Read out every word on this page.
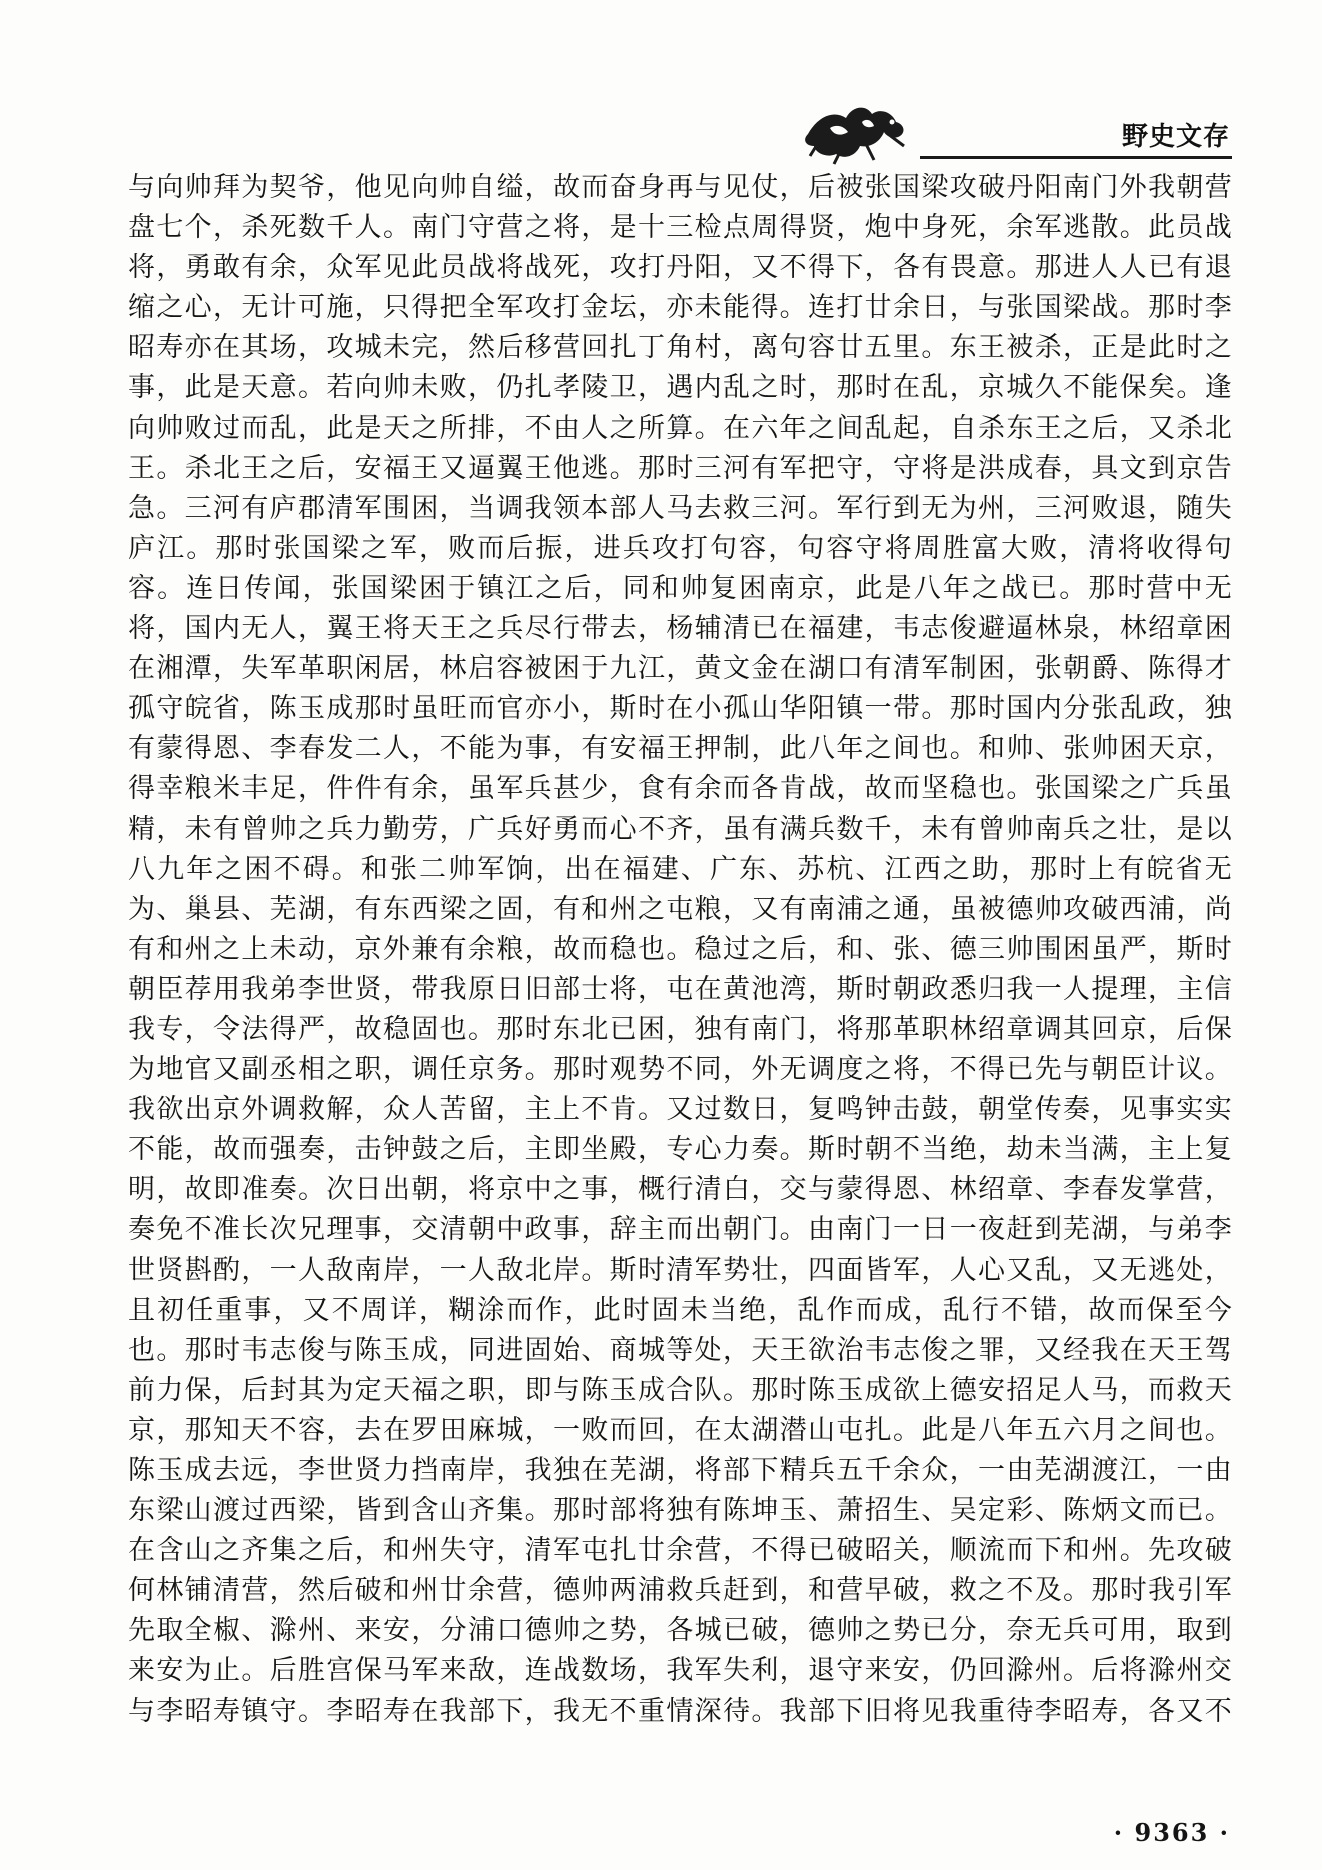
野史文存
与向帅拜为契爷，他见向帅自缢，故而奋身再与见仗，后被张国梁攻破丹阳南门外我朝营
盘七个，杀死数千人。南门守营之将，是十三检点周得贤，炮中身死，余军逃散。此员战
将，勇敢有余，众军见此员战将战死，攻打丹阳，又不得下，各有畏意。那进人人已有退
缩之心，无计可施，只得把全军攻打金坛，亦未能得。连打廿余日，与张国梁战。那时李
昭寿亦在其场，攻城未完，然后移营回扎丁角村，离句容廿五里。东王被杀，正是此时之
事，此是天意。若向帅未败，仍扎孝陵卫，遇内乱之时，那时在乱，京城久不能保矣。逢
向帅败过而乱，此是天之所排，不由人之所算。在六年之间乱起，自杀东王之后，又杀北
王。杀北王之后，安福王又逼翼王他逃。那时三河有军把守，守将是洪成春，具文到京告
急。三河有庐郡清军围困，当调我领本部人马去救三河。军行到无为州，三河败退，随失
庐江。那时张国梁之军，败而后振，进兵攻打句容，句容守将周胜富大败，清将收得句
容。连日传闻，张国梁困于镇江之后，同和帅复困南京，此是八年之战已。那时营中无
将，国内无人，翼王将天王之兵尽行带去，杨辅清已在福建，韦志俊避逼林泉，林绍章困
在湘潭，失军革职闲居，林启容被困于九江，黄文金在湖口有清军制困，张朝爵、陈得才
孤守皖省，陈玉成那时虽旺而官亦小，斯时在小孤山华阳镇一带。那时国内分张乱政，独
有蒙得恩、李春发二人，不能为事，有安福王押制，此八年之间也。和帅、张帅困天京，
得幸粮米丰足，件件有余，虽军兵甚少，食有余而各肯战，故而坚稳也。张国梁之广兵虽
精，未有曾帅之兵力勤劳，广兵好勇而心不齐，虽有满兵数千，未有曾帅南兵之壮，是以
八九年之困不碍。和张二帅军饷，出在福建、广东、苏杭、江西之助，那时上有皖省无
为、巢县、芜湖，有东西梁之固，有和州之屯粮，又有南浦之通，虽被德帅攻破西浦，尚
有和州之上未动，京外兼有余粮，故而稳也。稳过之后，和、张、德三帅围困虽严，斯时
朝臣荐用我弟李世贤，带我原日旧部士将，屯在黄池湾，斯时朝政悉归我一人提理，主信
我专，令法得严，故稳固也。那时东北已困，独有南门，将那革职林绍章调其回京，后保
为地官又副丞相之职，调任京务。那时观势不同，外无调度之将，不得已先与朝臣计议。
我欲出京外调救解，众人苦留，主上不肯。又过数日，复鸣钟击鼓，朝堂传奏，见事实实
不能，故而强奏，击钟鼓之后，主即坐殿，专心力奏。斯时朝不当绝，劫未当满，主上复
明，故即准奏。次日出朝，将京中之事，概行清白，交与蒙得恩、林绍章、李春发掌营，
奏免不准长次兄理事，交清朝中政事，辞主而出朝门。由南门一日一夜赶到芜湖，与弟李
世贤斟酌，一人敌南岸，一人敌北岸。斯时清军势壮，四面皆军，人心又乱，又无逃处，
且初任重事，又不周详，糊涂而作，此时固未当绝，乱作而成，乱行不错，故而保至今
也。那时韦志俊与陈玉成，同进固始、商城等处，天王欲治韦志俊之罪，又经我在天王驾
前力保，后封其为定天福之职，即与陈玉成合队。那时陈玉成欲上德安招足人马，而救天
京，那知天不容，去在罗田麻城，一败而回，在太湖潜山屯扎。此是八年五六月之间也。
陈玉成去远，李世贤力挡南岸，我独在芜湖，将部下精兵五千余众，一由芜湖渡江，一由
东梁山渡过西梁，皆到含山齐集。那时部将独有陈坤玉、萧招生、吴定彩、陈炳文而已。
在含山之齐集之后，和州失守，清军屯扎廿余营，不得已破昭关，顺流而下和州。先攻破
何林铺清营，然后破和州廿余营，德帅两浦救兵赶到，和营早破，救之不及。那时我引军
先取全椒、滁州、来安，分浦口德帅之势，各城已破，德帅之势已分，奈无兵可用，取到
来安为止。后胜宫保马军来敌，连战数场，我军失利，退守来安，仍回滁州。后将滁州交
与李昭寿镇守。李昭寿在我部下，我无不重情深待。我部下旧将见我重待李昭寿，各又不
· 9363 ·
